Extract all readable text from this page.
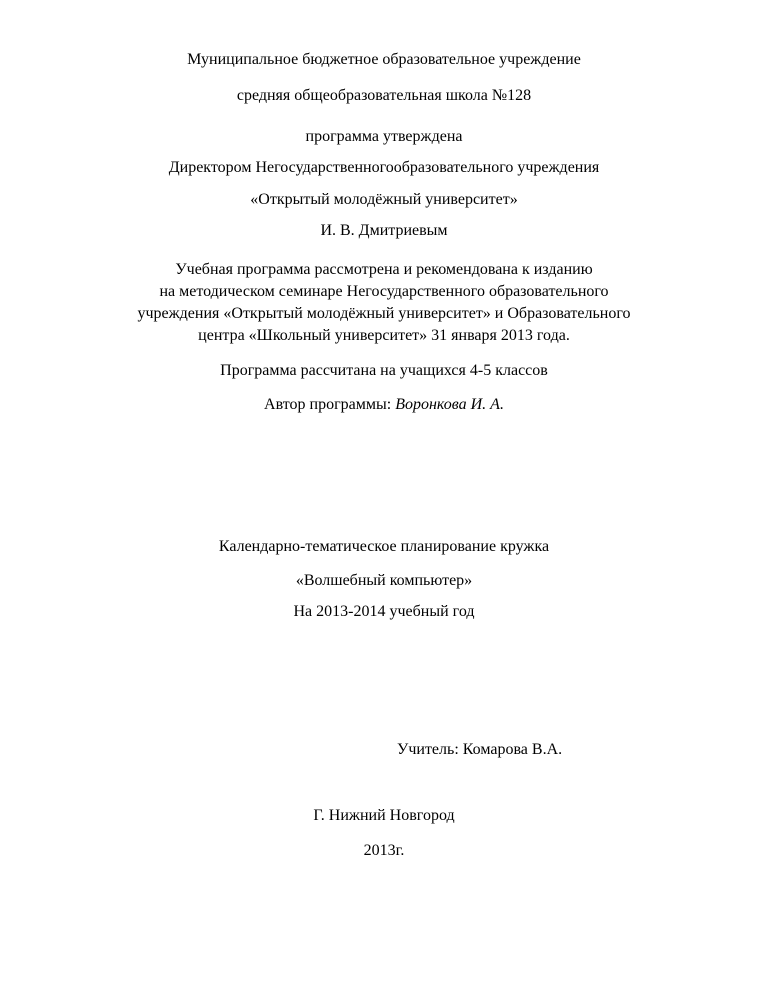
Муниципальное бюджетное образовательное учреждение
средняя общеобразовательная школа №128
программа утверждена
Директором Негосударственногообразовательного учреждения
«Открытый молодёжный университет»
И. В. Дмитриевым
Учебная программа рассмотрена и рекомендована к изданию
на методическом семинаре Негосударственного образовательного
учреждения «Открытый молодёжный университет» и Образовательного
центра «Школьный университет» 31 января 2013 года.
Программа рассчитана на учащихся 4-5 классов
Автор программы: Воронкова И. А.
Календарно-тематическое планирование кружка
«Волшебный компьютер»
На 2013-2014 учебный год
Учитель: Комарова В.А.
Г. Нижний Новгород
2013г.
